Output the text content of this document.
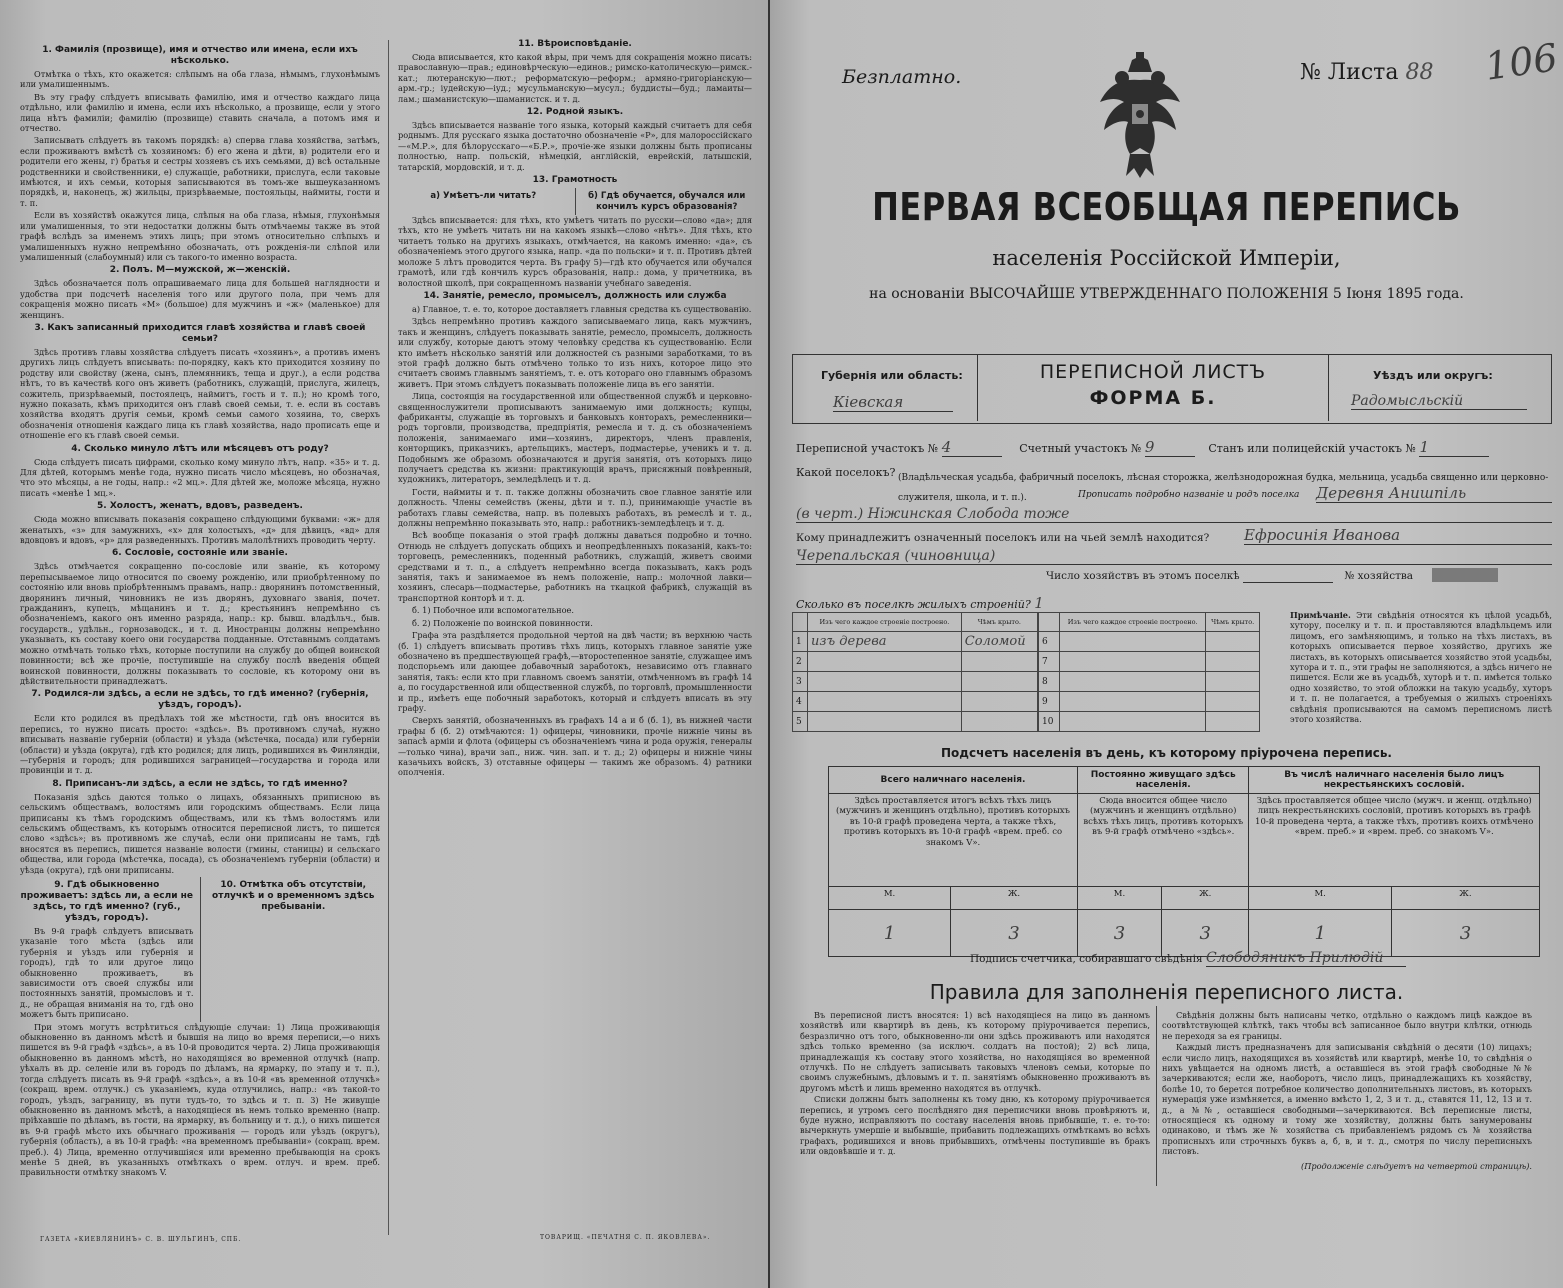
1. Фамилія (прозвище), имя и отчество или имена, если ихъ нѣсколько.

Отмѣтка о тѣхъ, кто окажется: слѣпымъ на оба глаза, нѣмымъ, глухонѣмымъ или умалишеннымъ.

Въ эту графу слѣдуетъ вписывать фамилію, имя и отчество каждаго лица отдѣльно, или фамилію и имена, если ихъ нѣсколько, а прозвище, если у этого лица нѣтъ фамиліи; фамилію (прозвище) ставить сначала, а потомъ имя и отчество.

Записывать слѣдуетъ въ такомъ порядкѣ: а) сперва глава хозяйства, затѣмъ, если проживаютъ вмѣстѣ съ хозяиномъ: б) его жена и дѣти, в) родители его и родители его жены, г) братья и сестры хозяевъ съ ихъ семьями, д) всѣ остальные родственники и свойственники, е) служащіе, работники, прислуга, если таковые имѣются, и ихъ семьи, которыя записываются въ томъ-же вышеуказанномъ порядкѣ, и, наконецъ, ж) жильцы, призрѣваемые, постояльцы, наймиты, гости и т. п.

Если въ хозяйствѣ окажутся лица, слѣпыя на оба глаза, нѣмыя, глухонѣмыя или умалишенныя, то эти недостатки должны быть отмѣчаемы также въ этой графѣ вслѣдъ за именемъ этихъ лицъ; при этомъ относительно слѣпыхъ и умалишенныхъ нужно непремѣнно обозначать, отъ рожденія-ли слѣпой или умалишенный (слабоумный) или съ такого-то именно возраста.

2. Полъ. М—мужской, ж—женскій.

Здѣсь обозначается полъ опрашиваемаго лица для большей наглядности и удобства при подсчетѣ населенія того или другого пола, при чемъ для сокращенія можно писать «М» (большое) для мужчинъ и «ж» (маленькое) для женщинъ.

3. Какъ записанный приходится главѣ хозяйства и главѣ своей семьи?

Здѣсь противъ главы хозяйства слѣдуетъ писать «хозяинъ», а противъ именъ другихъ лицъ слѣдуетъ вписывать: по-порядку, какъ кто приходится хозяину по родству или свойству (жена, сынъ, племянникъ, теща и друг.), а если родства нѣтъ, то въ качествѣ кого онъ живетъ (работникъ, служащій, прислуга, жилецъ, сожитель, призрѣваемый, постоялецъ, наймитъ, гость и т. п.); но кромѣ того, нужно показать, кѣмъ приходится онъ главѣ своей семьи, т. е. если въ составъ хозяйства входятъ другія семьи, кромѣ семьи самого хозяина, то, сверхъ обозначенія отношенія каждаго лица къ главѣ хозяйства, надо прописать еще и отношеніе его къ главѣ своей семьи.

4. Сколько минуло лѣтъ или мѣсяцевъ отъ роду?

Сюда слѣдуетъ писать цифрами, сколько кому минуло лѣтъ, напр. «35» и т. д. Для дѣтей, которымъ менѣе года, нужно писать число мѣсяцевъ, но обозначая, что это мѣсяцы, а не годы, напр.: «2 мц.». Для дѣтей же, моложе мѣсяца, нужно писать «менѣе 1 мц.».

5. Холостъ, женатъ, вдовъ, разведенъ.

Сюда можно вписывать показанія сокращено слѣдующими буквами: «ж» для женатыхъ, «з» для замужнихъ, «х» для холостыхъ, «д» для дѣвицъ, «вд» для вдовцовъ и вдовъ, «р» для разведенныхъ. Противъ малолѣтнихъ проводить черту.

6. Сословіе, состояніе или званіе.

Здѣсь отмѣчается сокращенно по-сословіе или званіе, къ которому перепысываемое лицо относится по своему рожденію, или приобрѣтенному по состоянію или вновь пріобрѣтеннымъ правамъ, напр.: дворянинъ потомственный, дворянинъ личный, чиновникъ не изъ дворянъ, духовнаго званія, почет. гражданинъ, купецъ, мѣщанинъ и т. д.; крестьянинъ непремѣнно съ обозначеніемъ, какого онъ именно разряда, напр.: кр. бывш. владѣльч., быв. государств., удѣльн., горнозаводск., и т. д. Иностранцы должны непремѣнно указывать, къ составу коего они государства подданные. Отставнымъ солдатамъ можно отмѣчать только тѣхъ, которые поступили на службу до общей воинской повинности; всѣ же прочіе, поступившіе на службу послѣ введенія общей воинской повинности, должны показывать то сословіе, къ которому они въ дѣйствительности принадлежатъ.

7. Родился-ли здѣсь, а если не здѣсь, то гдѣ именно? (губернія, уѣздъ, городъ).

Если кто родился въ предѣлахъ той же мѣстности, гдѣ онъ вносится въ перепись, то нужно писать просто: «здѣсь». Въ противномъ случаѣ, нужно вписывать названіе губерніи (области) и уѣзда (мѣстечка, посада) или губерніи (области) и уѣзда (округа), гдѣ кто родился; для лицъ, родившихся въ Финляндіи,—губернія и городъ; для родившихся заграницей—государства и города или провинціи и т. д.

8. Приписанъ-ли здѣсь, а если не здѣсь, то гдѣ именно?

Показанія здѣсь даются только о лицахъ, обязанныхъ приписною въ сельскимъ обществамъ, волостямъ или городскимъ обществамъ. Если лица приписаны къ тѣмъ городскимъ обществамъ, или къ тѣмъ волостямъ или сельскимъ обществамъ, къ которымъ относится переписной листъ, то пишется слово «здѣсь»; въ противномъ же случаѣ, если они приписаны не тамъ, гдѣ вносятся въ перепись, пишется названіе волости (гмины, станицы) и сельскаго общества, или города (мѣстечка, посада), съ обозначеніемъ губерніи (области) и уѣзда (округа), гдѣ они приписаны.

9. Гдѣ обыкновенно проживаетъ: здѣсь ли, а если не здѣсь, то гдѣ именно? (губ., уѣздъ, городъ).

Въ 9-й графѣ слѣдуетъ вписывать указаніе того мѣста (здѣсь или губернія и уѣздъ или губернія и городъ), гдѣ то или другое лицо обыкновенно проживаетъ, въ зависимости отъ своей службы или постоянныхъ занятій, промысловъ и т. д., не обращая вниманія на то, гдѣ оно можетъ быть приписано.

10. Отмѣтка объ отсутствіи, отлучкѣ и о временномъ здѣсь пребываніи.

При этомъ могутъ встрѣтиться слѣдующіе случаи: 1) Лица проживающія обыкновенно въ данномъ мѣстѣ и бывшія на лицо во время переписи,—о нихъ пишется въ 9-й графѣ «здѣсь», а въ 10-й проводится черта. 2) Лица проживающія обыкновенно въ данномъ мѣстѣ, но находящіяся во временной отлучкѣ (напр. уѣхалъ въ др. селеніе или въ городъ по дѣламъ, на ярмарку, по этапу и т. п.), тогда слѣдуетъ писать въ 9-й графѣ «здѣсь», а въ 10-й «въ временной отлучкѣ» (сокращ. врем. отлучк.) съ указаніемъ, куда отлучились, напр.: «въ такой-то городъ, уѣздъ, заграницу, въ пути тудъ-то, то здѣсь и т. п. 3) Не живущіе обыкновенно въ данномъ мѣстѣ, а находящіеся въ немъ только временно (напр. пріѣхавшіе по дѣламъ, въ гости, на ярмарку, въ больницу и т. д.), о нихъ пишется въ 9-й графѣ мѣсто ихъ обычнаго проживанія — городъ или уѣздъ (округъ), губернія (область), а въ 10-й графѣ: «на временномъ пребываніи» (сокращ. врем. преб.). 4) Лица, временно отлучившіяся или временно пребывающія на срокъ менѣе 5 дней, въ указанныхъ отмѣткахъ о врем. отлуч. и врем. преб. правильности отмѣтку знакомъ V.

11. Вѣроисповѣданіе.

Сюда вписывается, кто какой вѣры, при чемъ для сокращенія можно писать: православную—прав.; единовѣрческую—единов.; римско-католическую—римск.-кат.; лютеранскую—лют.; реформатскую—реформ.; армяно-григоріанскую—арм.-гр.; іудейскую—іуд.; мусульманскую—мусул.; буддисты—буд.; ламаиты—лам.; шаманистскую—шаманистск. и т. д.

12. Родной языкъ.

Здѣсь вписывается названіе того языка, который каждый считаетъ для себя роднымъ. Для русскаго языка достаточно обозначеніе «Р», для малороссійскаго—«М.Р.», для бѣлорусскаго—«Б.Р.», прочіе-же языки должны быть прописаны полностью, напр. польскій, нѣмецкій, англійскій, еврейскій, латышскій, татарскій, мордовскій, и т. д.

13. Грамотность
а) Умѣетъ-ли читать?	б) Гдѣ обучается, обучался или кончилъ курсъ образованія?

Здѣсь вписывается: для тѣхъ, кто умѣетъ читать по русски—слово «да»; для тѣхъ, кто не умѣетъ читать ни на какомъ языкѣ—слово «нѣтъ». Для тѣхъ, кто читаетъ только на другихъ языкахъ, отмѣчается, на какомъ именно: «да», съ обозначеніемъ этого другого языка, напр. «да по польски» и т. п. Противъ дѣтей моложе 5 лѣтъ проводится черта. Въ графу 5)—гдѣ кто обучается или обучался грамотѣ, или гдѣ кончилъ курсъ образованія, напр.: дома, у причетника, въ волостной школѣ, при сокращенномъ названіи учебнаго заведенія.

14. Занятіе, ремесло, промыселъ, должность или служба

а) Главное, т. е. то, которое доставляетъ главныя средства къ существованію.

Здѣсь непремѣнно противъ каждого записываемаго лица, какъ мужчинъ, такъ и женщинъ, слѣдуетъ показывать занятіе, ремесло, промыселъ, должность или службу, которые даютъ этому человѣку средства къ существованію. Если кто имѣетъ нѣсколько занятій или должностей съ разными заработками, то въ этой графѣ должно быть отмѣчено только то изъ нихъ, которое лицо это считаетъ своимъ главнымъ занятіемъ, т. е. отъ котораго оно главнымъ образомъ живетъ. При этомъ слѣдуетъ показывать положеніе лица въ его занятіи.

Лица, состоящія на государственной или общественной службѣ и церковно-священнослужители прописываютъ занимаемую ими должность; купцы, фабриканты, служащіе въ торговыхъ и банковыхъ конторахъ, ремесленники—родъ торговли, производства, предпріятія, ремесла и т. д. съ обозначеніемъ положенія, занимаемаго ими—хозяинъ, директоръ, членъ правленія, конторщикъ, приказчикъ, артельщикъ, мастеръ, подмастерье, ученикъ и т. д. Подобнымъ же образомъ обозначаются и другія занятія, отъ которыхъ лицо получаетъ средства къ жизни: практикующій врачъ, присяжный повѣренный, художникъ, литераторъ, земледѣлецъ и т. д.

Гости, наймиты и т. п. также должны обозначить свое главное занятіе или должность. Члены семействъ (жены, дѣти и т. п.), принимающіе участіе въ работахъ главы семейства, напр. въ полевыхъ работахъ, въ ремеслѣ и т. д., должны непремѣнно показывать это, напр.: работникъ-земледѣлецъ и т. д.

Всѣ вообще показанія о этой графѣ должны даваться подробно и точно. Отнюдь не слѣдуетъ допускать общихъ и неопредѣленныхъ показаній, какъ-то: торговецъ, ремесленникъ, поденный работникъ, служащій, живетъ своими средствами и т. п., а слѣдуетъ непремѣнно всегда показывать, какъ родъ занятія, такъ и занимаемое въ немъ положеніе, напр.: молочной лавки—хозяинъ, слесарь—подмастерье, работникъ на ткацкой фабрикѣ, служащій въ транспортной конторѣ и т. д.

б. 1) Побочное или вспомогательное.

б. 2) Положеніе по воинской повинности.

Графа эта раздѣляется продольной чертой на двѣ части; въ верхнюю часть (б. 1) слѣдуетъ вписывать противъ тѣхъ лицъ, которыхъ главное занятіе уже обозначено въ предшествующей графѣ,—второстепенное занятіе, служащее имъ подспорьемъ или дающее добавочный заработокъ, независимо отъ главнаго занятія, такъ: если кто при главномъ своемъ занятіи, отмѣченномъ въ графѣ 14 а, по государственной или общественной службѣ, по торговлѣ, промышленности и пр., имѣетъ еще побочный заработокъ, который и слѣдуетъ вписать въ эту графу.

Сверхъ занятій, обозначенныхъ въ графахъ 14 а и б (б. 1), въ нижней части графы б (б. 2) отмѣчаются: 1) офицеры, чиновники, прочіе нижніе чины въ запасѣ арміи и флота (офицеры съ обозначеніемъ чина и рода оружія, генералы—только чина), врачи зап., ниж. чин. зап. и т. д.; 2) офицеры и нижніе чины казачьихъ войскъ, 3) отставные офицеры — такимъ же образомъ. 4) ратники ополченія.

ГАЗЕТА «КИЕВЛЯНИНЪ» С. В. ШУЛЬГИНЪ, СПБ.	ТОВАРИЩ. «ПЕЧАТНЯ С. П. ЯКОВЛЕВА».
Безплатно.	№ Листа 88 106
ПЕРВАЯ ВСЕОБЩАЯ ПЕРЕПИСЬ
населенія Россійской Имперіи,
на основаніи ВЫСОЧАЙШЕ УТВЕРЖДЕННАГО ПОЛОЖЕНІЯ 5 Іюня 1895 года.
Губернія или область:
Кіевская
ПЕРЕПИСНОЙ ЛИСТЪ
ФОРМА Б.
Уѣздъ или округъ:
Радомысльскій
Переписной участокъ № 4	Счетный участокъ № 9	Станъ или полицейскій участокъ № 1
Какой поселокъ? (Владѣльческая усадьба, фабричный поселокъ, лѣсная сторожка, желѣзнодорожная будка, мельница, усадьба священно или церковно-служителя, школа, и т. п.).	Прописать подробно названіе и родъ поселка Деревня Анишпіль
(в черт.) Ніжинская Слобода тоже
Кому принадлежитъ означенный поселокъ или на чьей землѣ находится? Ефросинія Иванова
Черепальская (чиновница)
Число хозяйствъ въ этомъ поселкѣ	№ хозяйства
Сколько въ поселкѣ жилыхъ строеній? 1
	Изъ чего каждое строеніе построено.	Чѣмъ крыто.
1	изъ дерева	Соломой
2		
3		
4		
5		
	Изъ чего каждое строеніе построено.	Чѣмъ крыто.
6		
7		
8		
9		
10		
Примѣчаніе. Эти свѣдѣнія относятся къ цѣлой усадьбѣ, хутору, поселку и т. п. и проставляются владѣльцемъ или лицомъ, его замѣняющимъ, и только на тѣхъ листахъ, въ которыхъ описывается первое хозяйство, другихъ же листахъ, въ которыхъ описывается хозяйство этой усадьбы, хутора и т. п., эти графы не заполняются, а здѣсь ничего не пишется. Если же въ усадьбѣ, хуторѣ и т. п. имѣется только одно хозяйство, то этой обложки на такую усадьбу, хуторъ и т. п. не полагается, а требуемыя о жилыхъ строеніяхъ свѣдѣнія прописываются на самомъ переписномъ листѣ этого хозяйства.
Подсчетъ населенія въ день, къ которому пріурочена перепись.
Всего наличнаго населенія.		Постоянно живущаго здѣсь населенія.		Въ числѣ наличнаго населенія было лицъ некрестьянскихъ сословій.	
Здѣсь проставляется итогъ всѣхъ тѣхъ лицъ (мужчинъ и женщинъ отдѣльно), противъ которыхъ въ 10-й графѣ проведена черта, а также тѣхъ, противъ которыхъ въ 10-й графѣ «врем. преб. со знакомъ V».		Сюда вносится общее число (мужчинъ и женщинъ отдѣльно) всѣхъ тѣхъ лицъ, противъ которыхъ въ 9-й графѣ отмѣчено «здѣсь».		Здѣсь проставляется общее число (мужч. и женщ. отдѣльно) лицъ некрестьянскихъ сословій, противъ которыхъ въ графѣ 10-й проведена черта, а также тѣхъ, противъ коихъ отмѣчено «врем. преб.» и «врем. преб. со знакомъ V».	
М.	Ж.	М.	Ж.	М.	Ж.
1	3	3	3	1	3
Подпись счетчика, собиравшаго свѣдѣнія Слободяникъ Прилюдій
Правила для заполненія переписного листа.

Въ переписной листъ вносятся: 1) всѣ находящіеся на лицо въ данномъ хозяйствѣ или квартирѣ въ день, къ которому пріурочивается перепись, безразлично отъ того, обыкновенно-ли они здѣсь проживаютъ или находятся здѣсь только временно (за исключ. солдатъ на постой); 2) всѣ лица, принадлежащія къ составу этого хозяйства, но находящіяся во временной отлучкѣ. По не слѣдуетъ записывать таковыхъ членовъ семьи, которые по своимъ служебнымъ, дѣловымъ и т. п. занятіямъ обыкновенно проживаютъ въ другомъ мѣстѣ и лишь временно находятся въ отлучкѣ.

Списки должны быть заполнены къ тому дню, къ которому пріурочивается перепись, и утромъ сего послѣдняго дня переписчики вновь провѣряютъ и, буде нужно, исправляютъ по составу населенія вновь прибывшіе, т. е. то-то: вычеркнуть умершіе и выбывшіе, прибавить подлежащихъ отмѣткамъ во всѣхъ графахъ, родившихся и вновь прибывшихъ, отмѣчены поступившіе въ бракъ или овдовѣвшіе и т. д.

Свѣдѣнія должны быть написаны четко, отдѣльно о каждомъ лицѣ каждое въ соотвѣтствующей клѣткѣ, такъ чтобы всѣ записанное было внутри клѣтки, отнюдь не переходя за ея границы.

Каждый листъ предназначенъ для записыванія свѣдѣній о десяти (10) лицахъ; если число лицъ, находящихся въ хозяйствѣ или квартирѣ, менѣе 10, то свѣдѣнія о нихъ увѣщается на одномъ листѣ, а оставшіеся въ этой графѣ свободные №№ зачеркиваются; если же, наоборотъ, число лицъ, принадлежащихъ къ хозяйству, болѣе 10, то берется потребное количество дополнительныхъ листовъ, въ которыхъ нумерація уже измѣняется, а именно вмѣсто 1, 2, 3 и т. д., ставятся 11, 12, 13 и т. д., а №№, оставшіеся свободными—зачеркиваются. Всѣ переписные листы, относящіеся къ одному и тому же хозяйству, должны быть занумерованы одинаково, и тѣмъ же № хозяйства съ прибавленіемъ рядомъ съ № хозяйства прописныхъ или строчныхъ буквъ а, б, в, и т. д., смотря по числу переписныхъ листовъ.

(Продолженіе слѣдуетъ на четвертой страницѣ).
